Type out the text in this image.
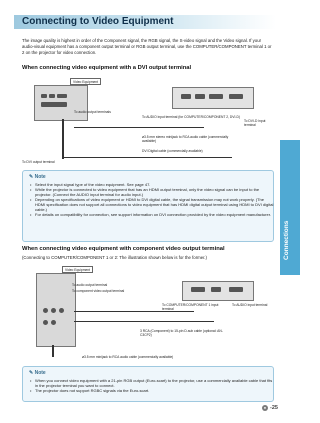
Connecting to Video Equipment
The image quality is highest in order of the Component signal, the RGB signal, the S-video signal and the Video signal. If your audio-visual equipment has a component output terminal or RGB output terminal, use the COMPUTER/COMPONENT terminal 1 or 2 on the projector for video connection.
When connecting video equipment with a DVI output terminal
Video Equipment
To audio output terminals
To AUDIO input terminal (for COMPUTER/COMPONENT 2, DVI-D)
To DVI-D input terminal
ø3.5 mm stereo minijack to RCA audio cable (commercially available)
DVI Digital cable (commercially available)
To DVI output terminal
✎ Note
• Select the input signal type of the video equipment. See page 47.
• While the projector is connected to video equipment that has an HDMI output terminal, only the video signal can be input to the projector. (Connect the AUDIO input terminal for audio input.)
• Depending on specifications of video equipment or HDMI to DVI digital cable, the signal transmission may not work properly. (The HDMI specification does not support all connections to video equipment that has HDMI digital output terminal using HDMI to DVI digital cable.)
• For details on compatibility for connection, see support information on DVI connection provided by the video equipment manufacturer.
When connecting video equipment with component video output terminal
(Connecting to COMPUTER/COMPONENT 1 or 2: The illustration shown below is for the former.)
Video Equipment
To audio output terminal
To component video output terminal
To COMPUTER/COMPONENT 1 input terminal
To AUDIO input terminal
3 RCA (Component) to 15-pin D-sub cable (optional: AN-C3CP2)
ø3.5 mm minijack to RCA audio cable (commercially available)
✎ Note
• When you connect video equipment with a 21-pin RGB output (Euro-scart) to the projector, use a commercially available cable that fits in the projector terminal you want to connect.
• The projector does not support RGBC signals via the Euro-scart.
Connections
● -25
